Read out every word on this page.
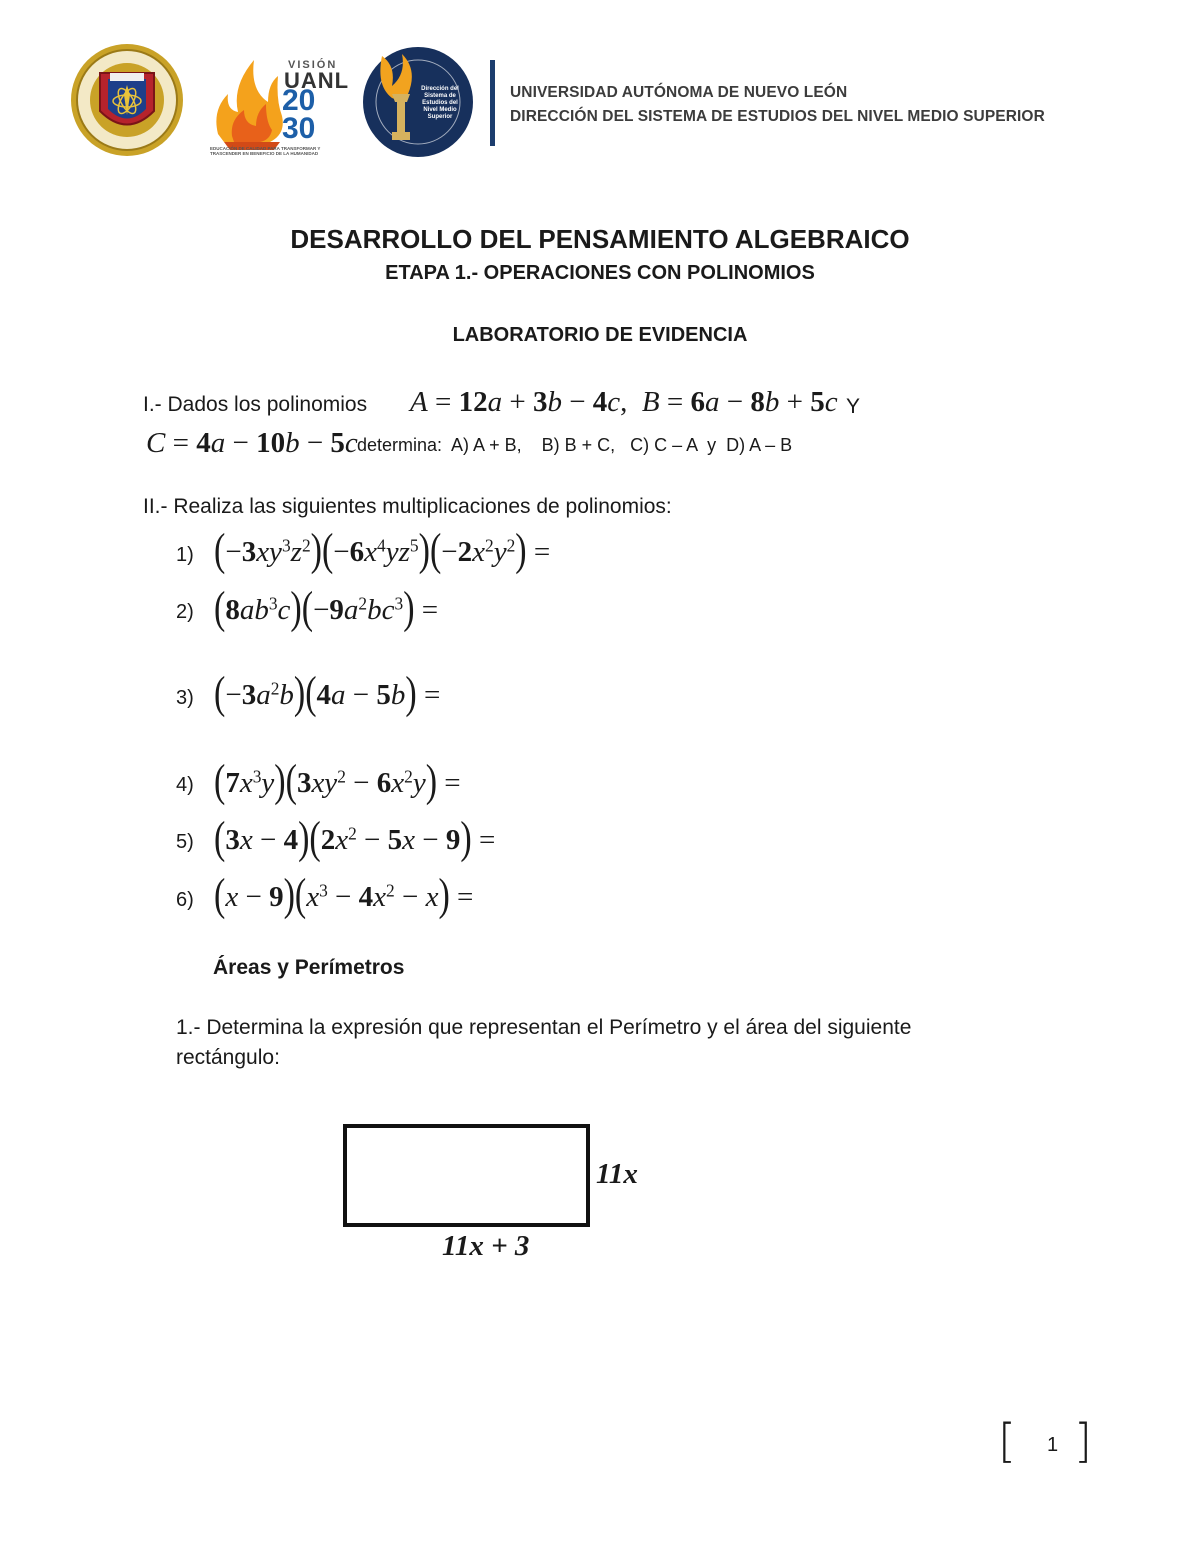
VISIÓN
UANL
20
30
EDUCACIÓN DE CALIDAD PARA TRANSFORMAR Y TRASCENDER EN BENEFICIO DE LA HUMANIDAD
Dirección del Sistema de Estudios del Nivel Medio Superior
UNIVERSIDAD AUTÓNOMA DE NUEVO LEÓN
DIRECCIÓN DEL SISTEMA DE ESTUDIOS DEL NIVEL MEDIO SUPERIOR
DESARROLLO DEL PENSAMIENTO ALGEBRAICO
ETAPA 1.- OPERACIONES CON POLINOMIOS
LABORATORIO DE EVIDENCIA
I.- Dados los polinomios A = 12a + 3b − 4c,  B = 6a − 8b + 5c Y
C = 4a − 10b − 5c determina:  A) A + B,    B) B + C,   C) C – A  y  D) A – B
II.- Realiza las siguientes multiplicaciones de polinomios:
1) $(-3xy^3z^2)(-6x^4yz^5)(-2x^2y^2)$ =
2) $(8ab^3c)(-9a^2bc^3)$ =
3) $(-3a^2b)(4a - 5b)$ =
4) $(7x^3y)(3xy^2 - 6x^2y)$ =
5) $(3x - 4)(2x^2 - 5x - 9)$ =
6) $(x - 9)(x^3 - 4x^2 - x)$ =
Áreas y Perímetros
1.- Determina la expresión que representan el Perímetro y el área del siguiente
rectángulo:
11x
11x + 3
[ 1 ]
